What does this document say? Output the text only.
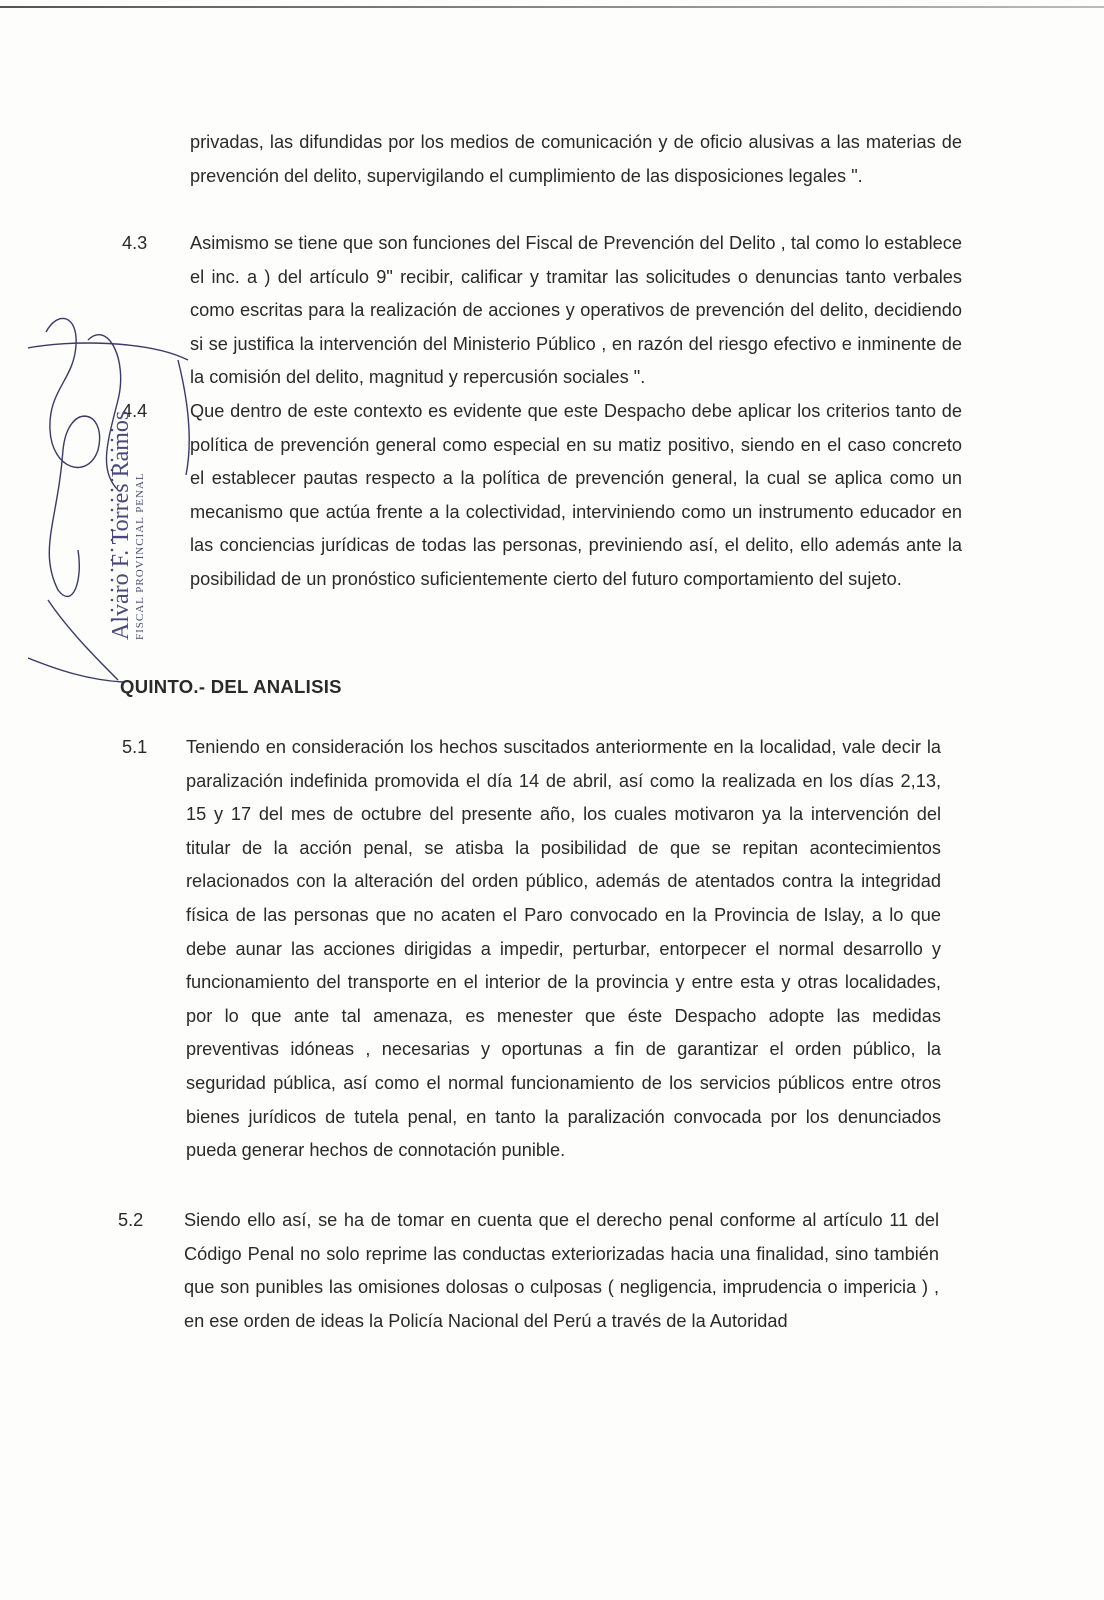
privadas, las difundidas por los medios de comunicación y de oficio alusivas a las materias de prevención del delito, supervigilando el cumplimiento de las disposiciones legales ".

4.3 Asimismo se tiene que son funciones del Fiscal de Prevención del Delito , tal como lo establece el inc. a ) del artículo 9" recibir, calificar y tramitar las solicitudes o denuncias tanto verbales como escritas para la realización de acciones y operativos de prevención del delito, decidiendo si se justifica la intervención del Ministerio Público , en razón del riesgo efectivo e inminente de la comisión del delito, magnitud y repercusión sociales ".

4.4 Que dentro de este contexto es evidente que este Despacho debe aplicar los criterios tanto de política de prevención general como especial en su matiz positivo, siendo en el caso concreto el establecer pautas respecto a la política de prevención general, la cual se aplica como un mecanismo que actúa frente a la colectividad, interviniendo como un instrumento educador en las conciencias jurídicas de todas las personas, previniendo así, el delito, ello además ante la posibilidad de un pronóstico suficientemente cierto del futuro comportamiento del sujeto.

QUINTO.- DEL ANALISIS

5.1 Teniendo en consideración los hechos suscitados anteriormente en la localidad, vale decir la paralización indefinida promovida el día 14 de abril, así como la realizada en los días 2,13, 15 y 17 del mes de octubre del presente año, los cuales motivaron ya la intervención del titular de la acción penal, se atisba la posibilidad de que se repitan acontecimientos relacionados con la alteración del orden público, además de atentados contra la integridad física de las personas que no acaten el Paro convocado en la Provincia de Islay, a lo que debe aunar las acciones dirigidas a impedir, perturbar, entorpecer el normal desarrollo y funcionamiento del transporte en el interior de la provincia y entre esta y otras localidades, por lo que ante tal amenaza, es menester que éste Despacho adopte las medidas preventivas idóneas , necesarias y oportunas a fin de garantizar el orden público, la seguridad pública, así como el normal funcionamiento de los servicios públicos entre otros bienes jurídicos de tutela penal, en tanto la paralización convocada por los denunciados pueda generar hechos de connotación punible.

5.2 Siendo ello así, se ha de tomar en cuenta que el derecho penal conforme al artículo 11 del Código Penal no solo reprime las conductas exteriorizadas hacia una finalidad, sino también que son punibles las omisiones dolosas o culposas ( negligencia, imprudencia o impericia ) , en ese orden de ideas la Policía Nacional del Perú a través de la Autoridad

Alvaro F. Torres Ramos FISCAL PROVINCIAL PENAL
